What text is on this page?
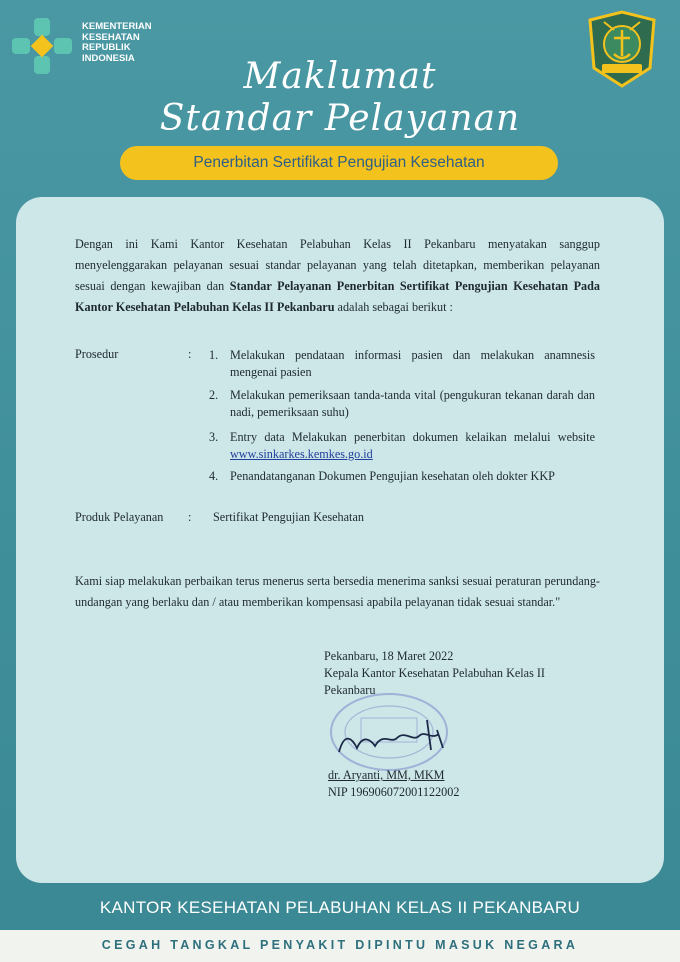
KEMENTERIAN
KESEHATAN
REPUBLIK
INDONESIA	Maklumat
Standar Pelayanan
Penerbitan Sertifikat Pengujian Kesehatan

Dengan ini Kami Kantor Kesehatan Pelabuhan Kelas II Pekanbaru menyatakan sanggup menyelenggarakan pelayanan sesuai standar pelayanan yang telah ditetapkan, memberikan pelayanan sesuai dengan kewajiban dan Standar Pelayanan Penerbitan Sertifikat Pengujian Kesehatan Pada Kantor Kesehatan Pelabuhan Kelas II Pekanbaru adalah sebagai berikut :

Prosedur	: 1. Melakukan pendataan informasi pasien dan melakukan anamnesis mengenai pasien
2. Melakukan pemeriksaan tanda-tanda vital (pengukuran tekanan darah dan nadi, pemeriksaan suhu)
3. Entry data Melakukan penerbitan dokumen kelaikan melalui website www.sinkarkes.kemkes.go.id
4. Penandatanganan Dokumen Pengujian kesehatan oleh dokter KKP
Produk Pelayanan : Sertifikat Pengujian Kesehatan

Kami siap melakukan perbaikan terus menerus serta bersedia menerima sanksi sesuai peraturan perundang-undangan yang berlaku dan / atau memberikan kompensasi apabila pelayanan tidak sesuai standar."

Pekanbaru, 18 Maret 2022
Kepala Kantor Kesehatan Pelabuhan Kelas II
Pekanbaru
dr. Aryanti, MM, MKM
NIP 196906072001122002
KANTOR KESEHATAN PELABUHAN KELAS II PEKANBARU
CEGAH TANGKAL PENYAKIT DIPINTU MASUK NEGARA
